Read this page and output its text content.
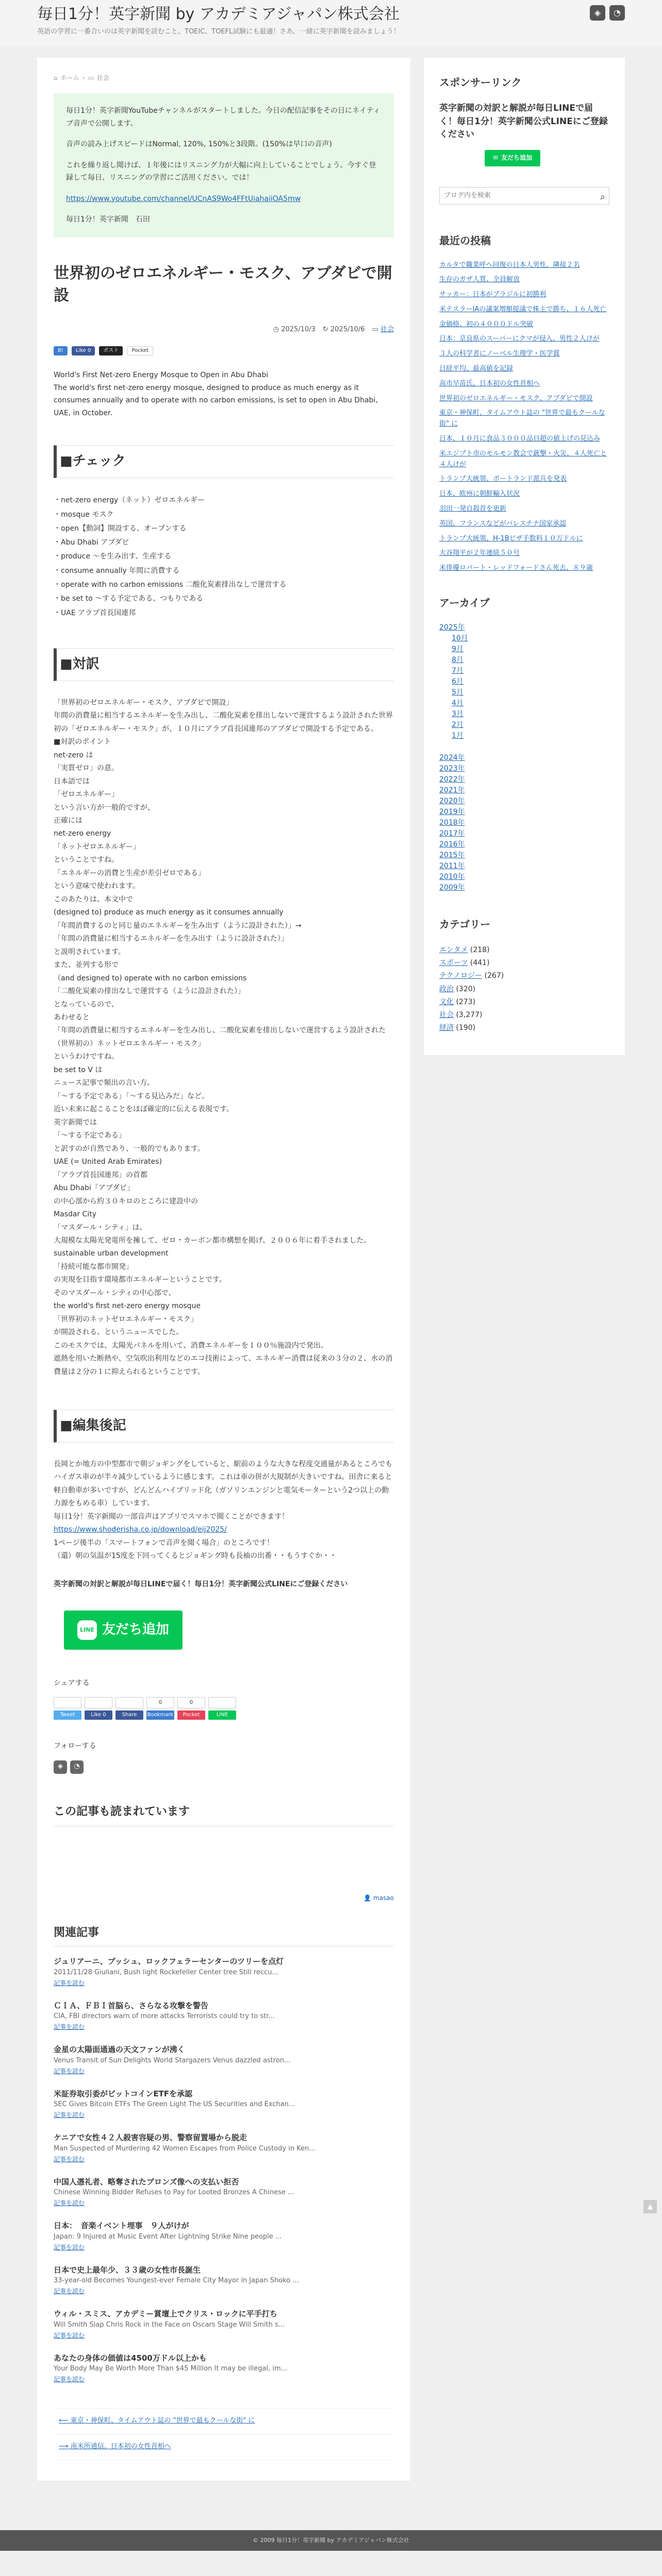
毎日1分！英字新聞 by アカデミアジャパン株式会社
英語の学習に一番合いのは英字新聞を読むこと。TOEIC、TOEFL試験にも最適！さあ、一緒に英字新聞を読みましょう！
◈	◔
⌂ ホーム › ▭ 社会

毎日1分！英字新聞YouTubeチャンネルがスタートしました。今日の配信記事をその日にネイティブ音声で公開します。

音声の読み上げスピードはNormal, 120%, 150%と3段階。(150%は早口の音声)

これを繰り返し聞けば、１年後にはリスニング力が大幅に向上していることでしょう。今すぐ登録して毎日、リスニングの学習にご活用ください。では！

https://www.youtube.com/channel/UCnAS9Wo4FFtUiahaiiOA5mw

毎日1分！英字新聞　石田

世界初のゼロエネルギー・モスク、アブダビで開設
◷ 2025/10/3 ↻ 2025/10/6 ▭ 社会
B!	Like 0	ポスト	Pocket
World's First Net-zero Energy Mosque to Open in Abu Dhabi
The world's first net-zero energy mosque, designed to produce as much energy as it consumes annually and to operate with no carbon emissions, is set to open in Abu Dhabi, UAE, in October.
■チェック
・ net-zero energy（ネット）ゼロエネルギー
・ mosque モスク
・ open【動詞】開設する、オープンする
・ Abu Dhabi アブダビ
・ produce ～を生み出す、生産する
・ consume annually 年間に消費する
・ operate with no carbon emissions 二酸化炭素排出なしで運営する
・ be set to ～する予定である、つもりである
・ UAE アラブ首長国連邦
■対訳
「世界初のゼロエネルギー・モスク、アブダビで開設」
年間の消費量に相当するエネルギーを生み出し、二酸化炭素を排出しないで運営するよう設計された世界初の「ゼロエネルギー・モスク」が、１０月にアラブ首長国連邦のアブダビで開設する予定である。
■対訳のポイント
net-zero は
「実質ゼロ」の意。
日本語では
「ゼロエネルギー」
という言い方が一般的ですが、
正確には
net-zero energy
「ネットゼロエネルギー」
ということですね。
「エネルギーの消費と生産が差引ゼロである」
という意味で使われます。
このあたりは、本文中で
(designed to) produce as much energy as it consumes annually
「年間消費するのと同じ量のエネルギーを生み出す（ように設計された）」→
「年間の消費量に相当するエネルギーを生み出す（ように設計された）」
と説明されています。
また、並列する形で
（and designed to) operate with no carbon emissions
「二酸化炭素の排出なしで運営する（ように設計された）」
となっているので、
あわせると
「年間の消費量に相当するエネルギーを生み出し、二酸化炭素を排出しないで運営するよう設計された（世界初の）ネットゼロエネルギー・モスク」
というわけですね。
be set to V は
ニュース記事で頻出の言い方。
「～する予定である」「～する見込みだ」など。
近い未来に起こることをほぼ確定的に伝える表現です。
英字新聞では
「～する予定である」
と訳すのが自然であり、一般的でもあります。
UAE (= United Arab Emirates)
「アラブ首長国連邦」の首都
Abu Dhabi「アブダビ」
の中心部から約３０キロのところに建設中の
Masdar City
「マスダール・シティ」は、
大規模な太陽光発電所を擁して、ゼロ・カーボン都市構想を掲げ、２００６年に着手されました。
sustainable urban development
「持続可能な都市開発」
の実現を目指す環境都市エネルギーということです。
そのマスダール・シティの中心部で、
the world's first net-zero energy mosque
「世界初のネットゼロエネルギー・モスク」
が開設される、というニュースでした。
このモスクでは、太陽光パネルを用いて、消費エネルギーを１００％施設内で発出。
遮熱を用いた断熱や、空気吹出利用などのエコ技術によって、エネルギー消費は従来の３分の２、水の消費量は２分の１に抑えられるということです。
■編集後記
長岡とか地方の中型都市で朝ジョギングをしていると、駅前のような大きな程度交通量があるところでもハイガス車のが半々減少しているように感じます。これは車の併が大規制が大きいですね。田舎に来ると軽自動車が多いですが、どんどんハイブリッド化（ガソリンエンジンと電気モーターという2つ以上の動力源をもめる車）しています。
毎日1分！英字新聞の一部音声はアプリでスマホで聞くことができます！
https://www.shoderisha.co.jp/download/eij2025/
1ページ後半の「スマートフォンで音声を聞く場合」のところです！
（還）朝の気温が15度を下回ってくるとジョギング時も長袖の出番・・もうすぐか・・
英字新聞の対訳と解説が毎日LINEで届く！毎日1分！英字新聞公式LINEにご登録ください
LINE 友だち追加
シェアする
Tweet	Like 0	Share
0
Bookmark
0
Pocket	LINE
フォローする
◈	◔
この記事も読まれています
👤 masao
関連記事
ジュリアーニ、ブッシュ、ロックフェラーセンターのツリーを点灯
2011/11/28 Giuliani, Bush light Rockefeller Center tree Still reccu...
記事を読む
ＣＩＡ、ＦＢＩ首脳ら、さらなる攻撃を警告
CIA, FBI directors warn of more attacks Terrorists could try to str...
記事を読む
金星の太陽面通過の天文ファンが沸く
Venus Transit of Sun Delights World Stargazers Venus dazzled astron...
記事を読む
米証券取引委がビットコインETFを承認
SEC Gives Bitcoin ETFs The Green Light The US Securities and Exchan...
記事を読む
ケニアで女性４２人殺害容疑の男、警察留置場から脱走
Man Suspected of Murdering 42 Women Escapes from Police Custody in Ken...
記事を読む
中国人憑礼者、略奪されたブロンズ像への支払い拒否
Chinese Winning Bidder Refuses to Pay for Looted Bronzes A Chinese ...
記事を読む
日本：　音楽イベント埋事　９人がけが
Japan: 9 Injured at Music Event After Lightning Strike Nine people ...
記事を読む
日本で史上最年少、３３歳の女性市長誕生
33-year-old Becomes Youngest-ever Female City Mayor in Japan Shoko ...
記事を読む
ウィル・スミス、アカデミー賞壇上でクリス・ロックに平手打ち
Will Smith Slap Chris Rock in the Face on Oscars Stage Will Smith s...
記事を読む
あなたの身体の価値は4500万ドル以上かも
Your Body May Be Worth More Than $45 Million It may be illegal, im...
記事を読む
⟵ 東京・神保町、タイムアウト誌の "世界で最もクールな街" に
⟶ 南米所通信、日本初の女性首相へ
スポンサーリンク
英字新聞の対訳と解説が毎日LINEで届く！毎日1分！英字新聞公式LINEにご登録ください
✉ 友だち追加
ブログ内を検索
⌕
最近の投稿
カルタで職業呼へ回復の日本人男性、隣接２名
生存のガザ人質、全員解放
サッカー：日本がブラジルに初勝利
米テスラーIAの議案増額提議で株主で勝ち、１６人死亡
金価格、初の４０００ドル突破
日本：京良県のスーパーにクマが侵入、男性２人けが
３人の科学者にノーベル生理学・医学賞
日経平均、最高値を記録
高市早苗氏、日本初の女性首相へ
世界初のゼロエネルギー・モスク、アブダビで開設
東京・神保町、タイムアウト誌の "世界で最もクールな街" に
日本、１０月に食品３０００品目超の値上げの見込み
米エジプト市のモルモン教会で銃撃・火災、４人死亡と４人けが
トランプ大統領、ポートランド派兵を発表
日本、欧州に朝鮮輸入状況
羽田一発自殺首を更新
英国、フランスなどがパレスチナ国家承認
トランプ大統領、H-1Bビザ手数料１０万ドルに
大谷翔平が２年連続５０号
米俳優ロバート・レッドフォードさん死去、８９歳
アーカイブ
2025年
10月
9月
8月
7月
6月
5月
4月
3月
2月
1月
2024年
2023年
2022年
2021年
2020年
2019年
2018年
2017年
2016年
2015年
2011年
2010年
2009年
カテゴリー
エンタメ (218)
スポーツ (441)
テクノロジー (267)
政治 (320)
文化 (273)
社会 (3,277)
経済 (190)
▲
© 2009 毎日1分！英字新聞 by アカデミアジャパン株式会社
